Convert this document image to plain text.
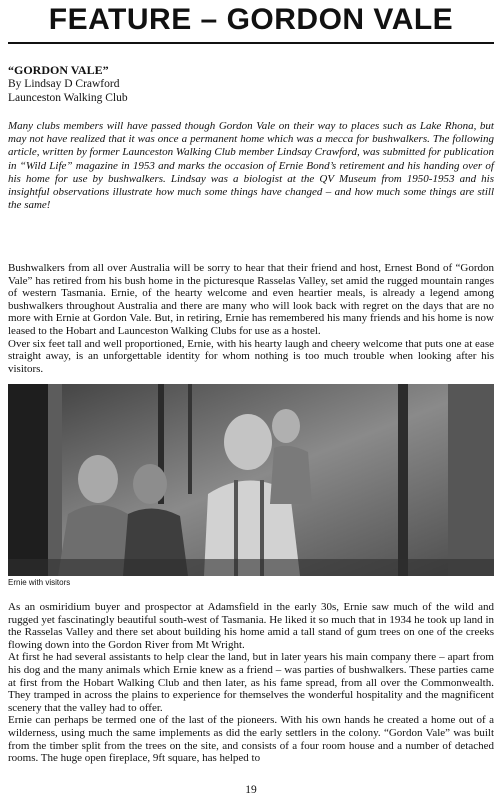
FEATURE – GORDON VALE
“GORDON VALE”
By Lindsay D Crawford
Launceston Walking Club

Many clubs members will have passed though Gordon Vale on their way to places such as Lake Rhona, but may not have realized that it was once a permanent home which was a mecca for bushwalkers. The following article, written by former Launceston Walking Club member Lindsay Crawford, was submitted for publication in “Wild Life” magazine in 1953 and marks the occasion of Ernie Bond’s retirement and his handing over of his home for use by bushwalkers. Lindsay was a biologist at the QV Museum from 1950-1953 and his insightful observations illustrate how much some things have changed – and how much some things are still the same!

Bushwalkers from all over Australia will be sorry to hear that their friend and host, Ernest Bond of “Gordon Vale” has retired from his bush home in the picturesque Rasselas Valley, set amid the rugged mountain ranges of western Tasmania. Ernie, of the hearty welcome and even heartier meals, is already a legend among bushwalkers throughout Australia and there are many who will look back with regret on the days that are no more with Ernie at Gordon Vale. But, in retiring, Ernie has remembered his many friends and his home is now leased to the Hobart and Launceston Walking Clubs for use as a hostel.

Over six feet tall and well proportioned, Ernie, with his hearty laugh and cheery welcome that puts one at ease straight away, is an unforgettable identity for whom nothing is too much trouble when looking after his visitors.

Ernie with visitors

As an osmiridium buyer and prospector at Adamsfield in the early 30s, Ernie saw much of the wild and rugged yet fascinatingly beautiful south-west of Tasmania. He liked it so much that in 1934 he took up land in the Rasselas Valley and there set about building his home amid a tall stand of gum trees on one of the creeks flowing down into the Gordon River from Mt Wright.

At first he had several assistants to help clear the land, but in later years his main company there – apart from his dog and the many animals which Ernie knew as a friend – was parties of bushwalkers. These parties came at first from the Hobart Walking Club and then later, as his fame spread, from all over the Commonwealth. They tramped in across the plains to experience for themselves the wonderful hospitality and the magnificent scenery that the valley had to offer.

Ernie can perhaps be termed one of the last of the pioneers. With his own hands he created a home out of a wilderness, using much the same implements as did the early settlers in the colony. “Gordon Vale” was built from the timber split from the trees on the site, and consists of a four room house and a number of detached rooms. The huge open fireplace, 9ft square, has helped to

19
